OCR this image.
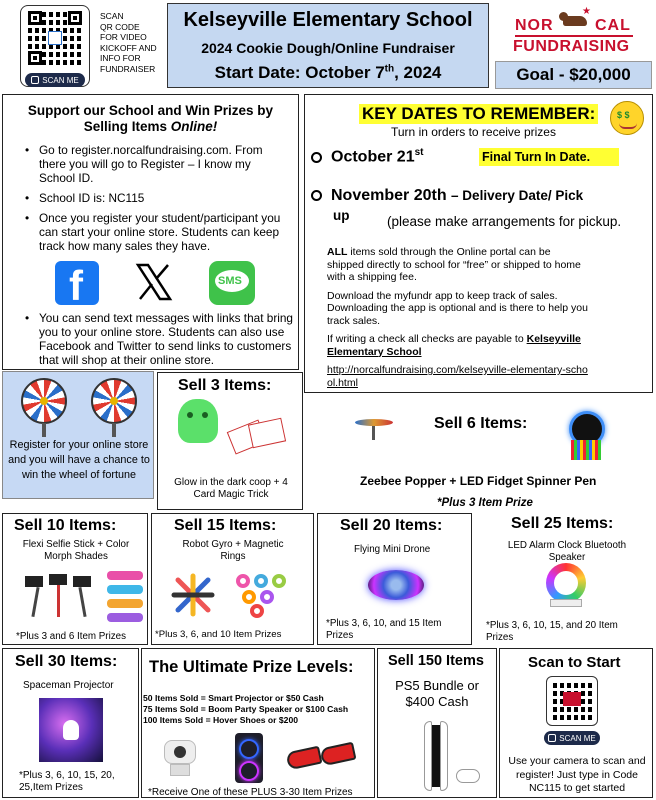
SCAN ME
SCAN
QR CODE
FOR VIDEO
KICKOFF AND
INFO FOR
FUNDRAISER
Kelseyville Elementary School
2024 Cookie Dough/Online Fundraiser
Start Date: October 7th, 2024
NOR
★
CAL
FUNDRAISING
Goal - $20,000
Support our School and Win Prizes by
Selling Items Online!
• Go to register.norcalfundraising.com. From there you will go to Register – I know my School ID.
• School ID is: NC115
• Once you register your student/participant you can start your online store. Students can keep track how many sales they have.
f	SMS
• You can send text messages with links that bring you to your online store. Students can also use Facebook and Twitter to send links to customers that will shop at their online store.
KEY DATES TO REMEMBER:	$ $
Turn in orders to receive prizes
October 21st	Final Turn In Date.
November 20th – Delivery Date/ Pick
up	(please make arrangements for pickup.

ALL items sold through the Online portal can be shipped directly to school for “free” or shipped to home with a shipping fee.

Download the myfundr app to keep track of sales. Downloading the app is optional and is there to help you track sales.

If writing a check all checks are payable to Kelseyville Elementary School

http://norcalfundraising.com/kelseyville-elementary-school.html
Register for your online store and you will have a chance to win the wheel of fortune
Sell 3 Items:
Glow in the dark coop + 4 Card Magic Trick
Sell 6 Items:
Zeebee Popper + LED Fidget Spinner Pen
*Plus 3 Item Prize
Sell 10 Items:
Flexi Selfie Stick + Color Morph Shades
*Plus 3 and 6 Item Prizes
Sell 15 Items:
Robot Gyro + Magnetic Rings
*Plus 3, 6, and 10 Item Prizes
Sell 20 Items:
Flying Mini Drone
*Plus 3, 6, 10, and 15 Item Prizes
Sell 25 Items:
LED Alarm Clock Bluetooth Speaker
*Plus 3, 6, 10, 15, and 20 Item Prizes
Sell 30 Items:
Spaceman Projector
*Plus 3, 6, 10, 15, 20, 25,Item Prizes
The Ultimate Prize Levels:
50 Items Sold = Smart Projector or $50 Cash
75 Items Sold = Boom Party Speaker or $100 Cash
100 Items Sold = Hover Shoes or $200
*Receive One of these PLUS 3-30 Item Prizes
Sell 150 Items
PS5 Bundle or $400 Cash
Scan to Start
SCAN ME
Use your camera to scan and register! Just type in Code NC115 to get started
